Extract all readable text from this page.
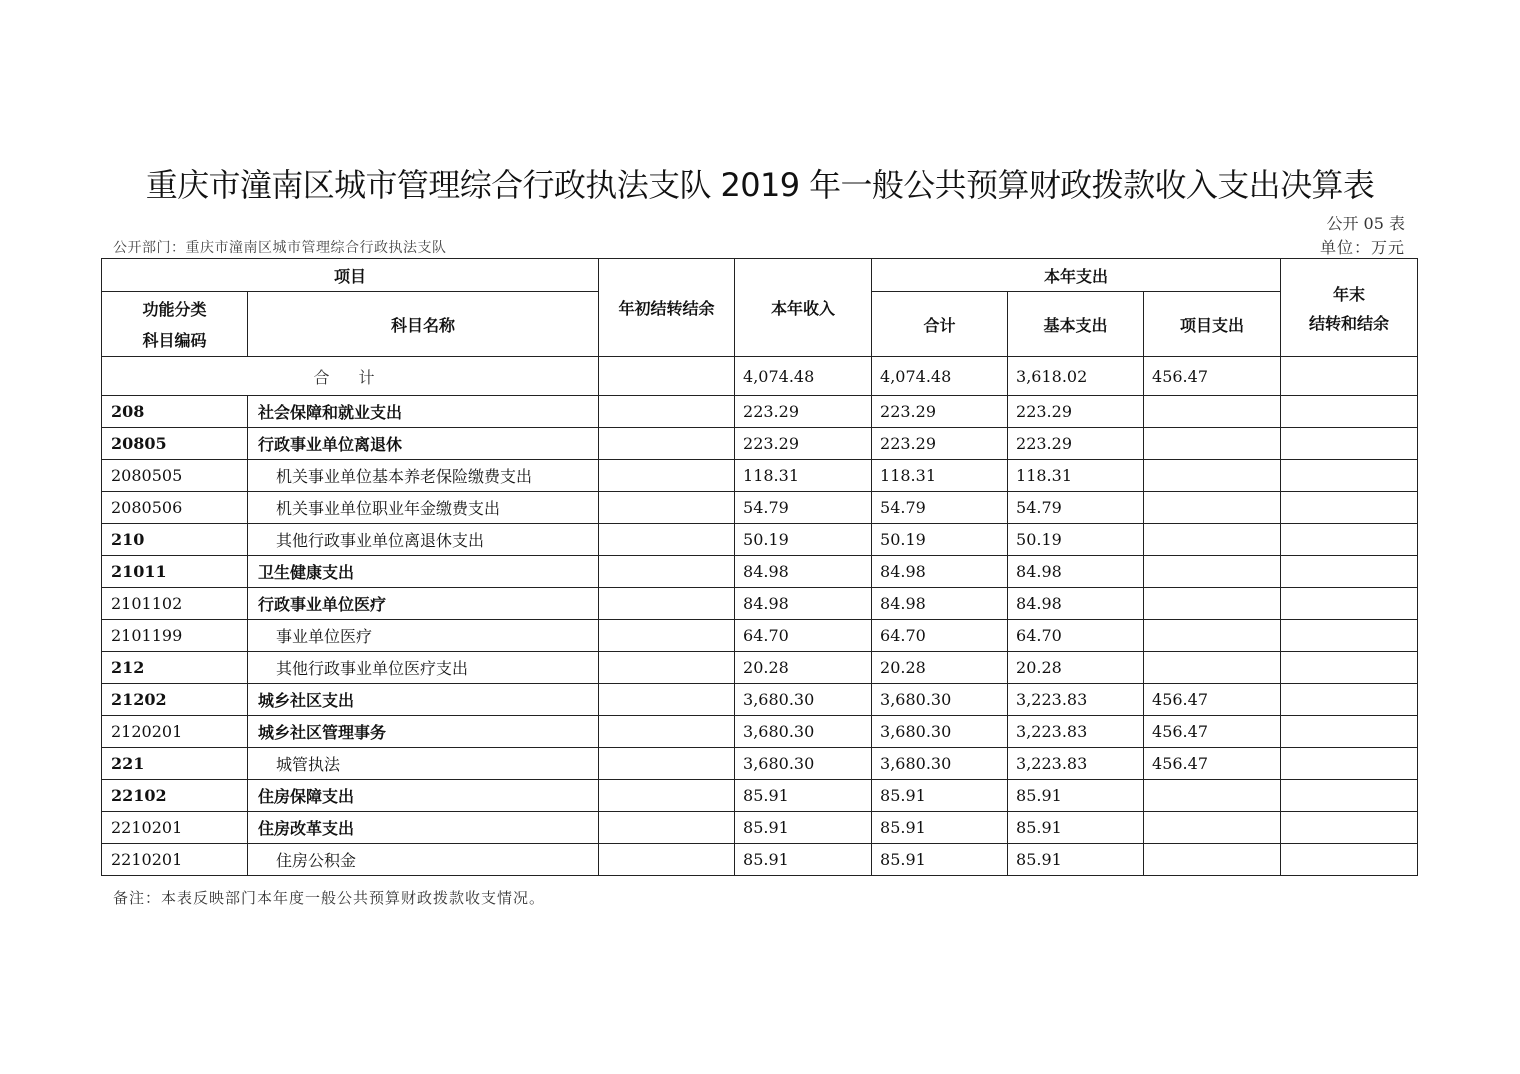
重庆市潼南区城市管理综合行政执法支队 2019 年一般公共预算财政拨款收入支出决算表
公开 05 表
公开部门：重庆市潼南区城市管理综合行政执法支队	单位：万元
项目		年初结转结余	本年收入	本年支出			年末
结转和结余

功能分类
科目编码	科目名称			合计	基本支出	项目支出	
合 计			4,074.48	4,074.48	3,618.02	456.47	
208	社会保障和就业支出		223.29	223.29	223.29		
20805	行政事业单位离退休		223.29	223.29	223.29		
2080505	机关事业单位基本养老保险缴费支出		118.31	118.31	118.31		
2080506	机关事业单位职业年金缴费支出		54.79	54.79	54.79		
210	其他行政事业单位离退休支出		50.19	50.19	50.19		
21011	卫生健康支出		84.98	84.98	84.98		
2101102	行政事业单位医疗		84.98	84.98	84.98		
2101199	事业单位医疗		64.70	64.70	64.70		
212	其他行政事业单位医疗支出		20.28	20.28	20.28		
21202	城乡社区支出		3,680.30	3,680.30	3,223.83	456.47	
2120201	城乡社区管理事务		3,680.30	3,680.30	3,223.83	456.47	
221	城管执法		3,680.30	3,680.30	3,223.83	456.47	
22102	住房保障支出		85.91	85.91	85.91		
2210201	住房改革支出		85.91	85.91	85.91		
2210201	住房公积金		85.91	85.91	85.91		
备注：本表反映部门本年度一般公共预算财政拨款收支情况。
